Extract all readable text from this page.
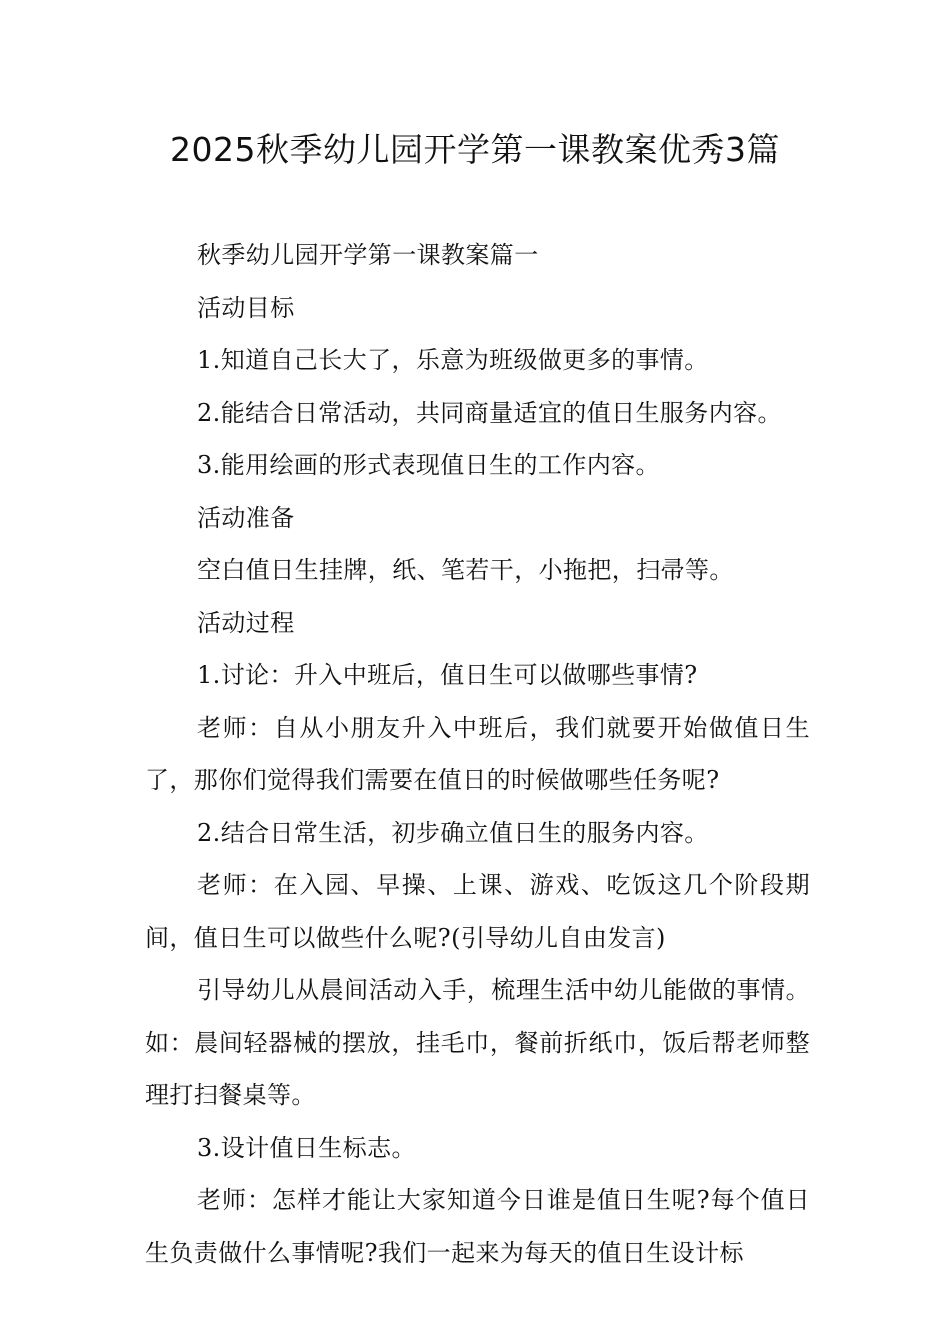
2025秋季幼儿园开学第一课教案优秀3篇

秋季幼儿园开学第一课教案篇一

活动目标

1.知道自己长大了，乐意为班级做更多的事情。

2.能结合日常活动，共同商量适宜的值日生服务内容。

3.能用绘画的形式表现值日生的工作内容。

活动准备

空白值日生挂牌，纸、笔若干，小拖把，扫帚等。

活动过程

1.讨论：升入中班后，值日生可以做哪些事情?

老师：自从小朋友升入中班后，我们就要开始做值日生了，那你们觉得我们需要在值日的时候做哪些任务呢?

2.结合日常生活，初步确立值日生的服务内容。

老师：在入园、早操、上课、游戏、吃饭这几个阶段期间，值日生可以做些什么呢?(引导幼儿自由发言)

引导幼儿从晨间活动入手，梳理生活中幼儿能做的事情。如：晨间轻器械的摆放，挂毛巾，餐前折纸巾，饭后帮老师整理打扫餐桌等。

3.设计值日生标志。

老师：怎样才能让大家知道今日谁是值日生呢?每个值日生负责做什么事情呢?我们一起来为每天的值日生设计标
